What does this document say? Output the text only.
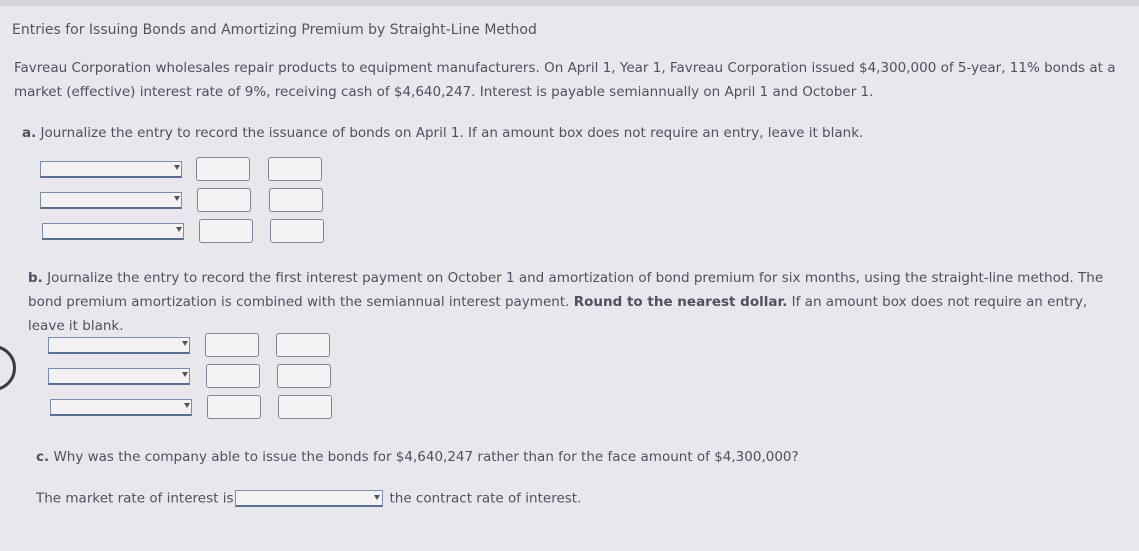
Entries for Issuing Bonds and Amortizing Premium by Straight-Line Method
Favreau Corporation wholesales repair products to equipment manufacturers. On April 1, Year 1, Favreau Corporation issued $4,300,000 of 5-year, 11% bonds at a market (effective) interest rate of 9%, receiving cash of $4,640,247. Interest is payable semiannually on April 1 and October 1.
a. Journalize the entry to record the issuance of bonds on April 1. If an amount box does not require an entry, leave it blank.
b. Journalize the entry to record the first interest payment on October 1 and amortization of bond premium for six months, using the straight-line method. The bond premium amortization is combined with the semiannual interest payment. Round to the nearest dollar. If an amount box does not require an entry, leave it blank.
c. Why was the company able to issue the bonds for $4,640,247 rather than for the face amount of $4,300,000?
The market rate of interest is	the contract rate of interest.
